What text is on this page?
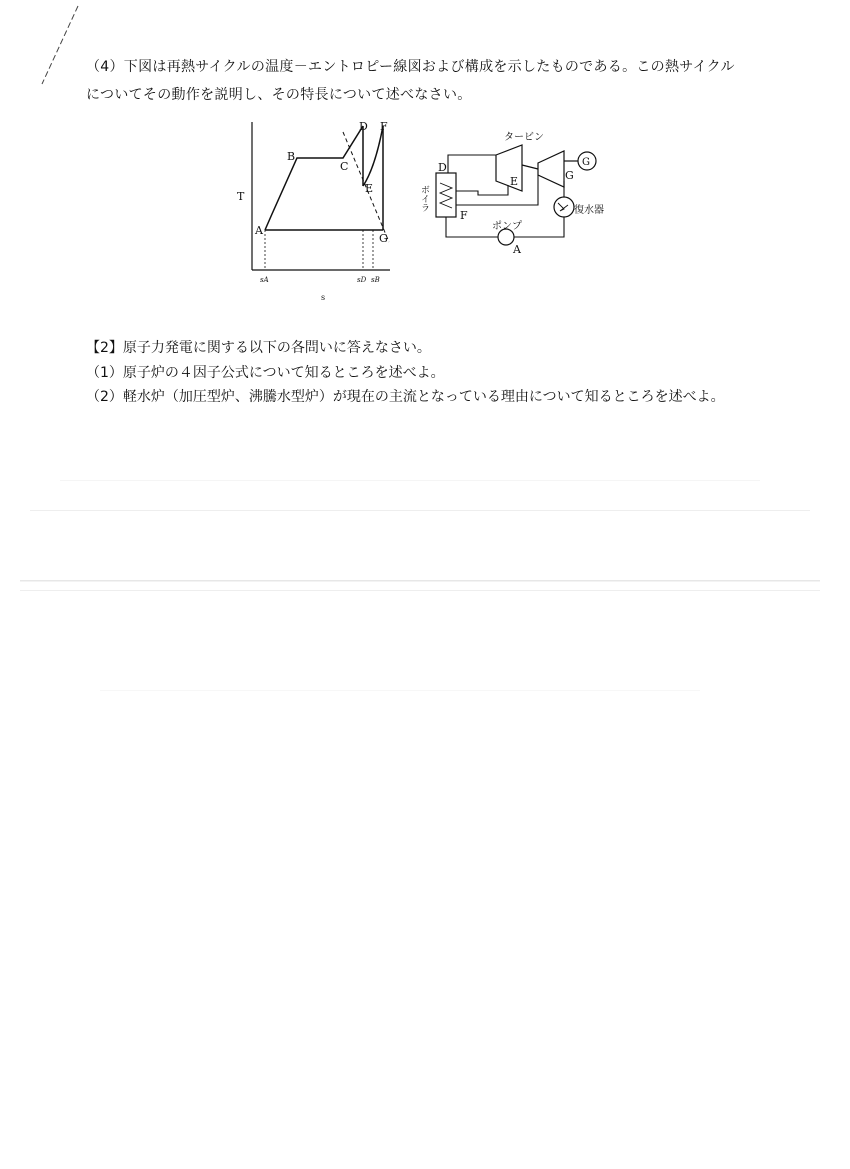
（4）下図は再熱サイクルの温度－エントロピー線図および構成を示したものである。この熱サイクル
についてその動作を説明し、その特長について述べなさい。
T
s
A
B
C
D
E
F
G
sA	sD sB
G
タービン
復水器
ポンプ
ボイラ
D
E
F
G
A
【2】原子力発電に関する以下の各問いに答えなさい。
（1）原子炉の４因子公式について知るところを述べよ。
（2）軽水炉（加圧型炉、沸騰水型炉）が現在の主流となっている理由について知るところを述べよ。
